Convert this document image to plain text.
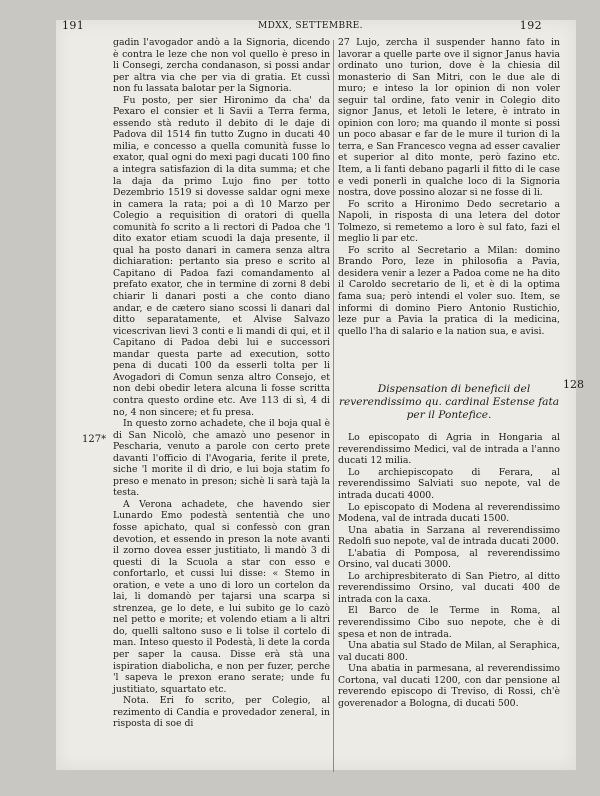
191	MDXX, SETTEMBRE.	192
127*
128

gadin l'avogador andò a la Signoria, dicendo è contra le leze che non vol quello è preso in li Consegi, zercha condanason, si possi andar per altra via che per via di gratia. Et cussì non fu lassata balotar per la Signoria.

Fu posto, per sier Hironimo da cha' da Pexaro el consier et li Savii a Terra ferma, essendo stà reduto il debito di le daje di Padova dil 1514 fin tutto Zugno in ducati 40 milia, e concesso a quella comunità fusse lo exator, qual ogni do mexi pagi ducati 100 fino a integra satisfazion di la dita summa; et che la daja da primo Lujo fino per totto Dezembrio 1519 si dovesse saldar ogni mexe in camera la rata; poi a dì 10 Marzo per Colegio a requisition di oratori di quella comunità fo scrito a li rectori di Padoa che 'l dito exator etiam scuodi la daja presente, il qual ha posto danari in camera senza altra dichiaration: pertanto sia preso e scrito al Capitano di Padoa fazi comandamento al prefato exator, che in termine di zorni 8 debi chiarir li danari posti a che conto diano andar, e de cætero siano scossi li danari dal ditto separatamente, et Alvise Salvazo vicescrivan lievi 3 conti e li mandi di qui, et il Capitano di Padoa debi lui e successori mandar questa parte ad execution, sotto pena di ducati 100 da esserli tolta per li Avogadori di Comun senza altro Consejo, et non debi obedir letera alcuna li fosse scritta contra questo ordine etc. Ave 113 di sì, 4 di no, 4 non sincere; et fu presa.

In questo zorno achadete, che il boja qual è di San Nicolò, che amazò uno pesenor in Pescharia, venuto a parole con certo prete davanti l'officio di l'Avogaria, ferite il prete, siche 'l morite il dì drio, e lui boja statim fo preso e menato in preson; sichè li sarà tajà la testa.

A Verona achadete, che havendo sier Lunardo Emo podestà sententià che uno fosse apichato, qual si confessò con gran devotion, et essendo in preson la note avanti il zorno dovea esser justitiato, li mandò 3 di questi di la Scuola a star con esso e confortarlo, et cussi lui disse: « Stemo in oration, e vete a uno di loro un cortelon da lai, li domandò per tajarsi una scarpa si strenzea, ge lo dete, e lui subito ge lo cazò nel petto e morite; et volendo etiam a li altri do, quelli saltono suso e li tolse il cortelo di man. Inteso questo il Podestà, li dete la corda per saper la causa. Disse erà stà una ispiration diabolicha, e non per fuzer, perche 'l sapeva le prexon erano serate; unde fu justitiato, squartato etc.

Nota. Eri fo scrito, per Colegio, al rezimento di Candia e provedador zeneral, in risposta di soe di

27 Lujo, zercha il suspender hanno fato in lavorar a quelle parte ove il signor Janus havia ordinato uno turion, dove è la chiesia dil monasterio di San Mitri, con le due ale di muro; e inteso la lor opinion di non voler seguir tal ordine, fato venir in Colegio dito signor Janus, et letoli le letere, è intrato in opinion con loro; ma quando il monte si possi un poco abasar e far de le mure il turion di la terra, e San Francesco vegna ad esser cavalier et superior al dito monte, però fazino etc. Item, a li fanti debano pagarli il fitto di le case e vedi ponerli in qualche loco di la Signoria nostra, dove possino alozar si ne fosse di li.

Fo scrito a Hironimo Dedo secretario a Napoli, in risposta di una letera del dotor Tolmezo, si remetemo a loro è sul fato, fazi el meglio li par etc.

Fo scrito al Secretario a Milan: domino Brando Poro, leze in philosofia a Pavia, desidera venir a lezer a Padoa come ne ha dito il Caroldo secretario de li, et è di la optima fama sua; però intendi el voler suo. Item, se informi di domino Piero Antonio Rustichio, leze pur a Pavia la pratica di la medicina, quello l'ha di salario e la nation sua, e avisi.

Dispensation di beneficii del reverendissimo qu. cardinal Estense fata per il Pontefice.

Lo episcopato di Agria in Hongaria al reverendissimo Medici, val de intrada a l'anno ducati 12 milia.

Lo archiepiscopato di Ferara, al reverendissimo Salviati suo nepote, val de intrada ducati 4000.

Lo episcopato di Modena al reverendissimo Modena, val de intrada ducati 1500.

Una abatia in Sarzana al reverendissimo Redolfi suo nepote, val de intrada ducati 2000.

L'abatia di Pomposa, al reverendissimo Orsino, val ducati 3000.

Lo archipresbiterato di San Pietro, al ditto reverendissimo Orsino, val ducati 400 de intrada con la caxa.

El Barco de le Terme in Roma, al reverendissimo Cibo suo nepote, che è di spesa et non de intrada.

Una abatia sul Stado de Milan, al Seraphica, val ducati 800.

Una abatia in parmesana, al reverendissimo Cortona, val ducati 1200, con dar pensione al reverendo episcopo di Treviso, di Rossi, ch'è goverenador a Bologna, di ducati 500.
